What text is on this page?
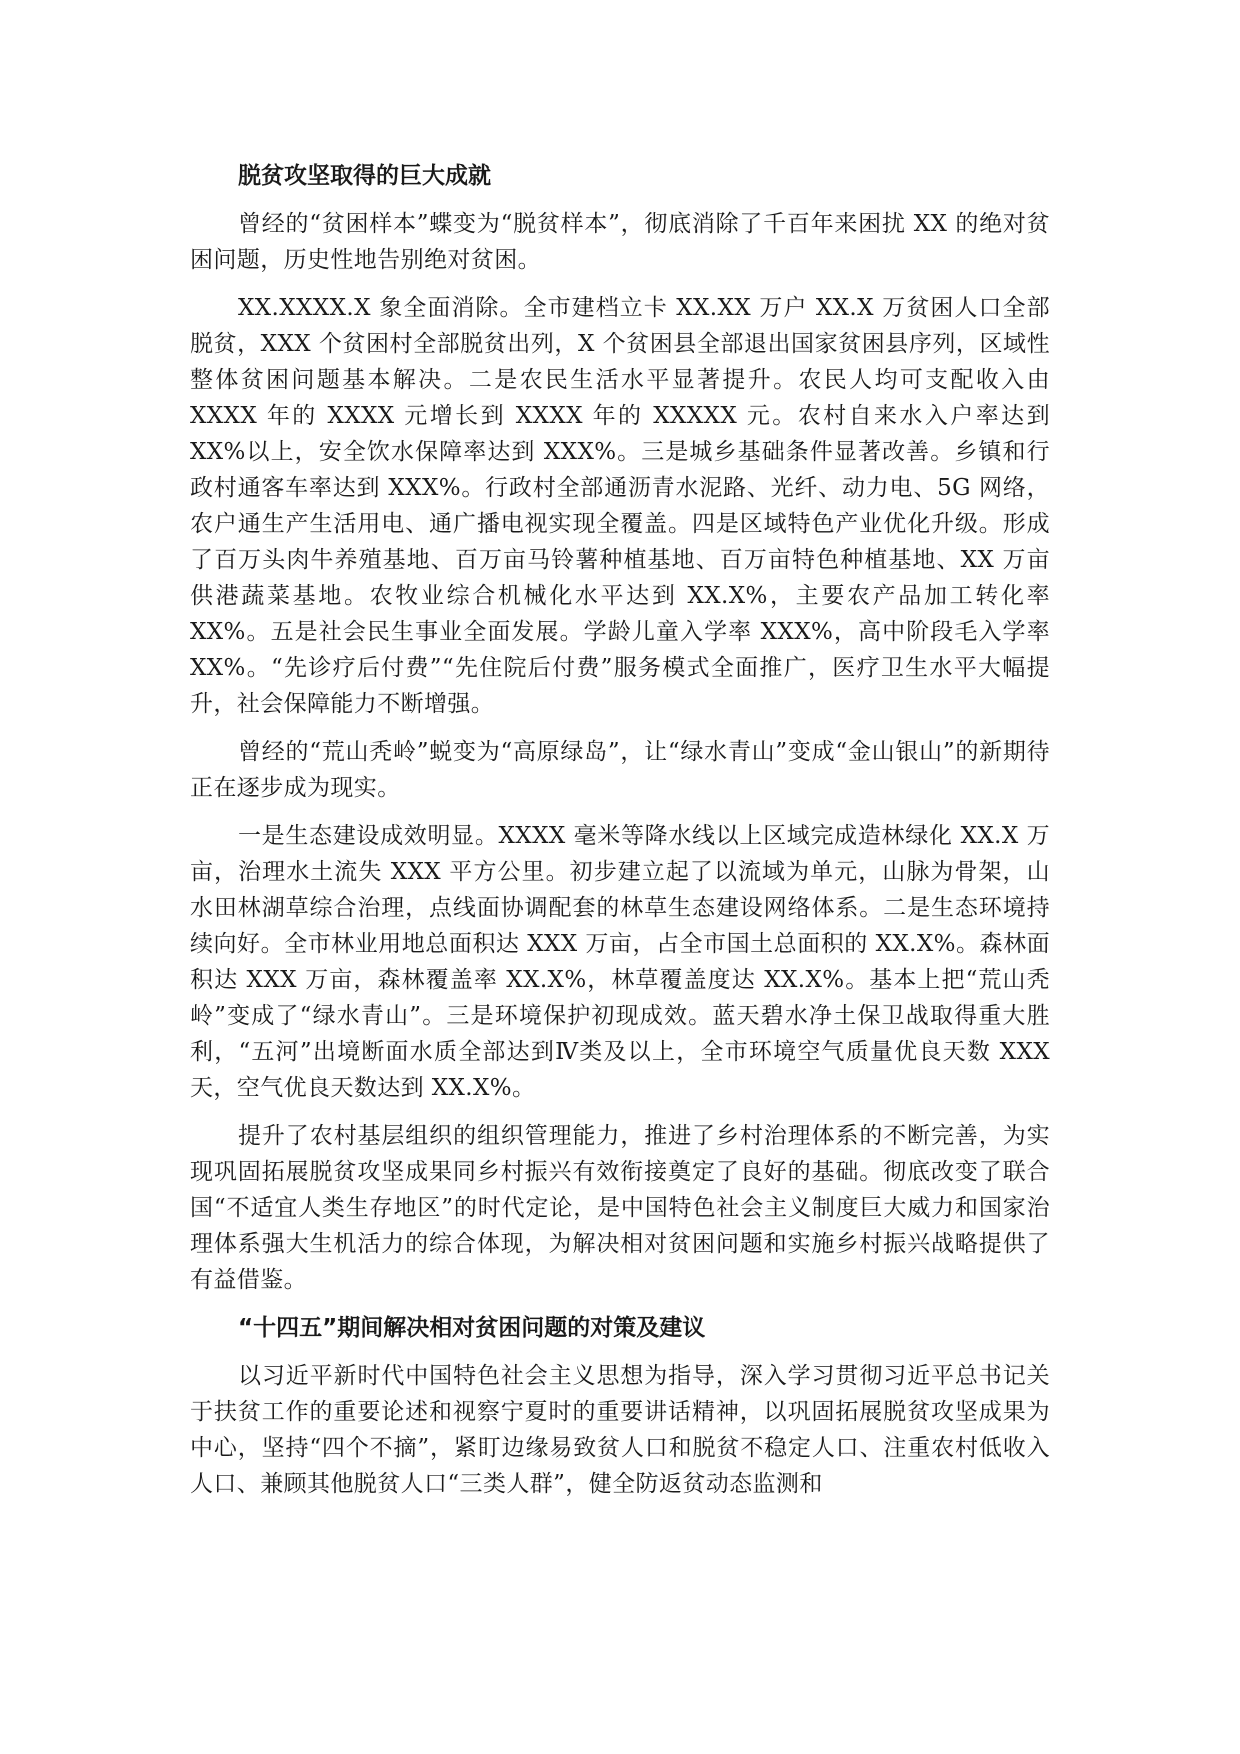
脱贫攻坚取得的巨大成就

曾经的“贫困样本”蝶变为“脱贫样本”，彻底消除了千百年来困扰 XX 的绝对贫困问题，历史性地告别绝对贫困。

XX.XXXX.X 象全面消除。全市建档立卡 XX.XX 万户 XX.X 万贫困人口全部脱贫，XXX 个贫困村全部脱贫出列，X 个贫困县全部退出国家贫困县序列，区域性整体贫困问题基本解决。二是农民生活水平显著提升。农民人均可支配收入由 XXXX 年的 XXXX 元增长到 XXXX 年的 XXXXX 元。农村自来水入户率达到 XX%以上，安全饮水保障率达到 XXX%。三是城乡基础条件显著改善。乡镇和行政村通客车率达到 XXX%。行政村全部通沥青水泥路、光纤、动力电、5G 网络，农户通生产生活用电、通广播电视实现全覆盖。四是区域特色产业优化升级。形成了百万头肉牛养殖基地、百万亩马铃薯种植基地、百万亩特色种植基地、XX 万亩供港蔬菜基地。农牧业综合机械化水平达到 XX.X%，主要农产品加工转化率 XX%。五是社会民生事业全面发展。学龄儿童入学率 XXX%，高中阶段毛入学率 XX%。“先诊疗后付费”“先住院后付费”服务模式全面推广，医疗卫生水平大幅提升，社会保障能力不断增强。

曾经的“荒山秃岭”蜕变为“高原绿岛”，让“绿水青山”变成“金山银山”的新期待正在逐步成为现实。

一是生态建设成效明显。XXXX 毫米等降水线以上区域完成造林绿化 XX.X 万亩，治理水土流失 XXX 平方公里。初步建立起了以流域为单元，山脉为骨架，山水田林湖草综合治理，点线面协调配套的林草生态建设网络体系。二是生态环境持续向好。全市林业用地总面积达 XXX 万亩，占全市国土总面积的 XX.X%。森林面积达 XXX 万亩，森林覆盖率 XX.X%，林草覆盖度达 XX.X%。基本上把“荒山秃岭”变成了“绿水青山”。三是环境保护初现成效。蓝天碧水净土保卫战取得重大胜利，“五河”出境断面水质全部达到Ⅳ类及以上，全市环境空气质量优良天数 XXX 天，空气优良天数达到 XX.X%。

提升了农村基层组织的组织管理能力，推进了乡村治理体系的不断完善，为实现巩固拓展脱贫攻坚成果同乡村振兴有效衔接奠定了良好的基础。彻底改变了联合国“不适宜人类生存地区”的时代定论，是中国特色社会主义制度巨大威力和国家治理体系强大生机活力的综合体现，为解决相对贫困问题和实施乡村振兴战略提供了有益借鉴。

“十四五”期间解决相对贫困问题的对策及建议

以习近平新时代中国特色社会主义思想为指导，深入学习贯彻习近平总书记关于扶贫工作的重要论述和视察宁夏时的重要讲话精神，以巩固拓展脱贫攻坚成果为中心，坚持“四个不摘”，紧盯边缘易致贫人口和脱贫不稳定人口、注重农村低收入人口、兼顾其他脱贫人口“三类人群”，健全防返贫动态监测和
